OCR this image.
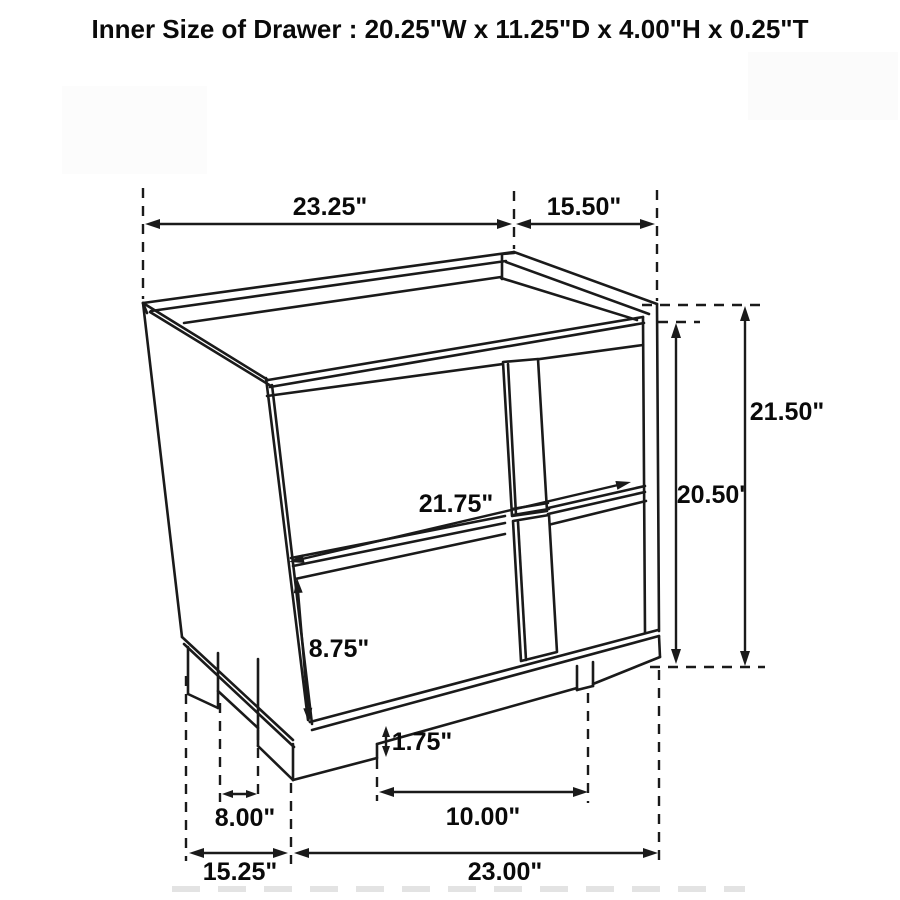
Inner Size of Drawer : 20.25"W x 11.25"D x 4.00"H x 0.25"T
23.25"	15.50"
21.50"
20.50'
21.75"
8.75"
1.75"
8.00"	10.00"
15.25"	23.00"
